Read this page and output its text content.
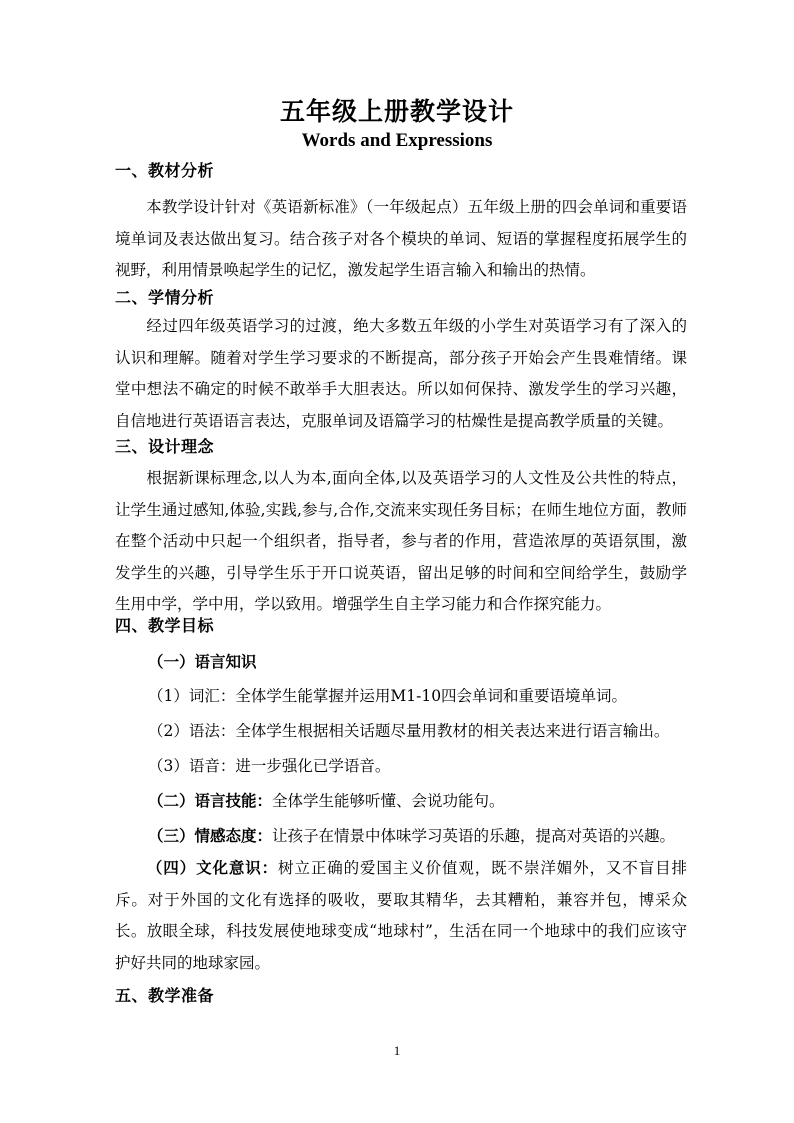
五年级上册教学设计
Words and Expressions
一、教材分析

本教学设计针对《英语新标准》（一年级起点）五年级上册的四会单词和重要语境单词及表达做出复习。结合孩子对各个模块的单词、短语的掌握程度拓展学生的视野，利用情景唤起学生的记忆，激发起学生语言输入和输出的热情。

二、学情分析

经过四年级英语学习的过渡，绝大多数五年级的小学生对英语学习有了深入的认识和理解。随着对学生学习要求的不断提高，部分孩子开始会产生畏难情绪。课堂中想法不确定的时候不敢举手大胆表达。所以如何保持、激发学生的学习兴趣，自信地进行英语语言表达，克服单词及语篇学习的枯燥性是提高教学质量的关键。

三、设计理念

根据新课标理念,以人为本,面向全体,以及英语学习的人文性及公共性的特点，让学生通过感知,体验,实践,参与,合作,交流来实现任务目标；在师生地位方面，教师在整个活动中只起一个组织者，指导者，参与者的作用，营造浓厚的英语氛围，激发学生的兴趣，引导学生乐于开口说英语，留出足够的时间和空间给学生，鼓励学生用中学，学中用，学以致用。增强学生自主学习能力和合作探究能力。

四、教学目标
（一）语言知识
（1）词汇：全体学生能掌握并运用M1-10四会单词和重要语境单词。
（2）语法：全体学生根据相关话题尽量用教材的相关表达来进行语言输出。
（3）语音：进一步强化已学语音。
（二）语言技能：全体学生能够听懂、会说功能句。
（三）情感态度：让孩子在情景中体味学习英语的乐趣，提高对英语的兴趣。

（四）文化意识：树立正确的爱国主义价值观，既不崇洋媚外，又不盲目排斥。对于外国的文化有选择的吸收，要取其精华，去其糟粕，兼容并包，博采众长。放眼全球，科技发展使地球变成“地球村”，生活在同一个地球中的我们应该守护好共同的地球家园。

五、教学准备
1
